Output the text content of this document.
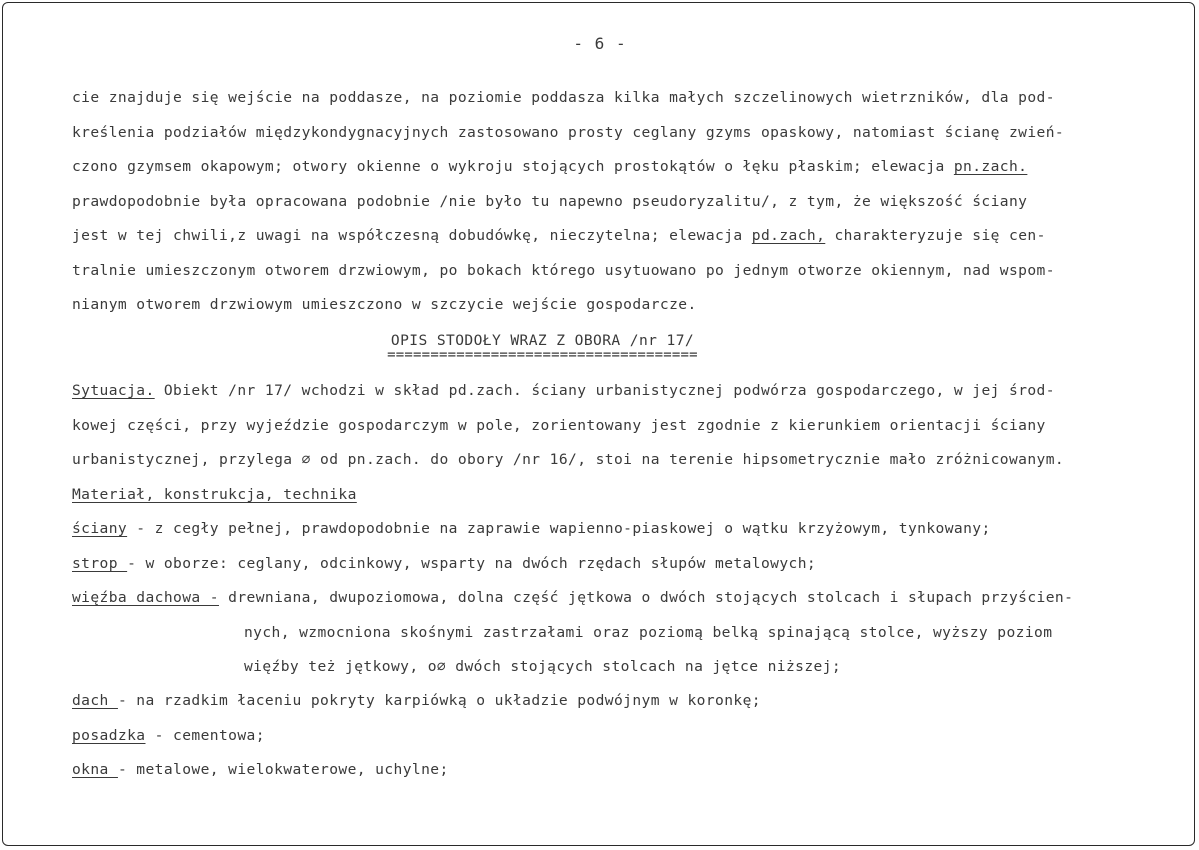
- 6 -
cie znajduje się wejście na poddasze, na poziomie poddasza kilka małych szczelinowych wietrzników, dla pod-
kreślenia podziałów międzykondygnacyjnych zastosowano prosty ceglany gzyms opaskowy, natomiast ścianę zwień-
czono gzymsem okapowym; otwory okienne o wykroju stojących prostokątów o łęku płaskim; elewacja pn.zach.
prawdopodobnie była opracowana podobnie /nie było tu napewno pseudoryzalitu/, z tym, że większość ściany
jest w tej chwili,z uwagi na współczesną dobudówkę, nieczytelna; elewacja pd.zach, charakteryzuje się cen-
tralnie umieszczonym otworem drzwiowym, po bokach którego usytuowano po jednym otworze okiennym, nad wspom-
nianym otworem drzwiowym umieszczono w szczycie wejście gospodarcze.
OPIS STODOŁY WRAZ Z OBORA /nr 17/
====================================
Sytuacja. Obiekt /nr 17/ wchodzi w skład pd.zach. ściany urbanistycznej podwórza gospodarczego, w jej środ-
kowej części, przy wyjeździe gospodarczym w pole, zorientowany jest zgodnie z kierunkiem orientacji ściany
urbanistycznej, przylega ⌀ od pn.zach. do obory /nr 16/, stoi na terenie hipsometrycznie mało zróżnicowanym.
Materiał, konstrukcja, technika
ściany - z cegły pełnej, prawdopodobnie na zaprawie wapienno-piaskowej o wątku krzyżowym, tynkowany;
strop - w oborze: ceglany, odcinkowy, wsparty na dwóch rzędach słupów metalowych;
więźba dachowa - drewniana, dwupoziomowa, dolna część jętkowa o dwóch stojących stolcach i słupach przyścien-
nych, wzmocniona skośnymi zastrzałami oraz poziomą belką spinającą stolce, wyższy poziom
więźby też jętkowy, o⌀ dwóch stojących stolcach na jętce niższej;
dach - na rzadkim łaceniu pokryty karpiówką o układzie podwójnym w koronkę;
posadzka - cementowa;
okna - metalowe, wielokwaterowe, uchylne;
